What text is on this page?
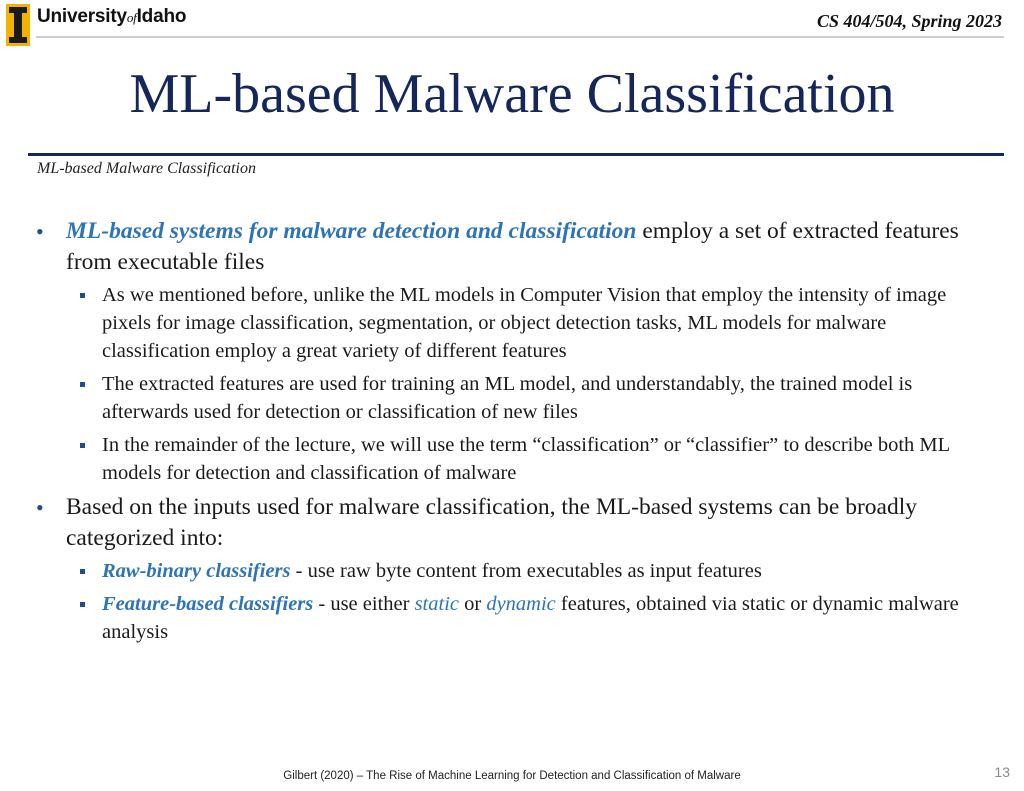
UniversityofIdaho	CS 404/504, Spring 2023
ML-based Malware Classification
ML-based Malware Classification
• ML-based systems for malware detection and classification employ a set of extracted features from executable files
As we mentioned before, unlike the ML models in Computer Vision that employ the intensity of image pixels for image classification, segmentation, or object detection tasks, ML models for malware classification employ a great variety of different features
The extracted features are used for training an ML model, and understandably, the trained model is afterwards used for detection or classification of new files
In the remainder of the lecture, we will use the term “classification” or “classifier” to describe both ML models for detection and classification of malware
• Based on the inputs used for malware classification, the ML-based systems can be broadly categorized into:
Raw-binary classifiers - use raw byte content from executables as input features
Feature-based classifiers - use either static or dynamic features, obtained via static or dynamic malware analysis
Gilbert (2020) – The Rise of Machine Learning for Detection and Classification of Malware	13
